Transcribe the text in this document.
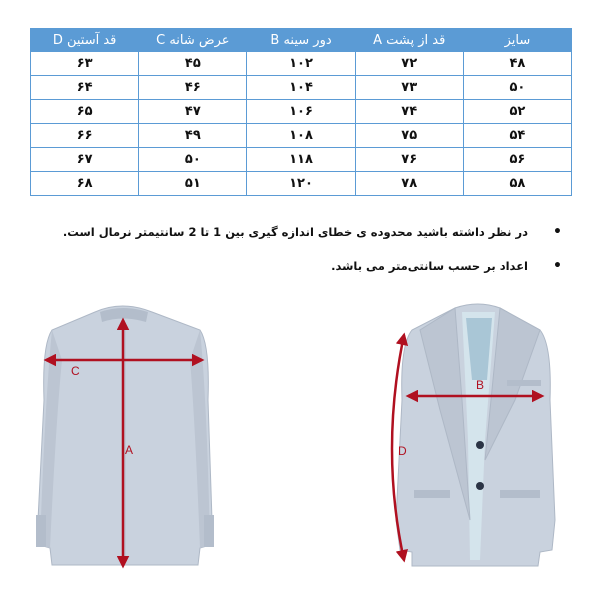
سایز	قد از پشت A	دور سینه B	عرض شانه C	قد آستین D
۴۸	۷۲	۱۰۲	۴۵	۶۳
۵۰	۷۳	۱۰۴	۴۶	۶۴
۵۲	۷۴	۱۰۶	۴۷	۶۵
۵۴	۷۵	۱۰۸	۴۹	۶۶
۵۶	۷۶	۱۱۸	۵۰	۶۷
۵۸	۷۸	۱۲۰	۵۱	۶۸
•
در نظر داشته باشید محدوده ی خطای اندازه گیری بین 1 تا 2 سانتیمتر نرمال است.
•
اعداد بر حسب سانتی‌متر می باشد.
C
A
B
D
